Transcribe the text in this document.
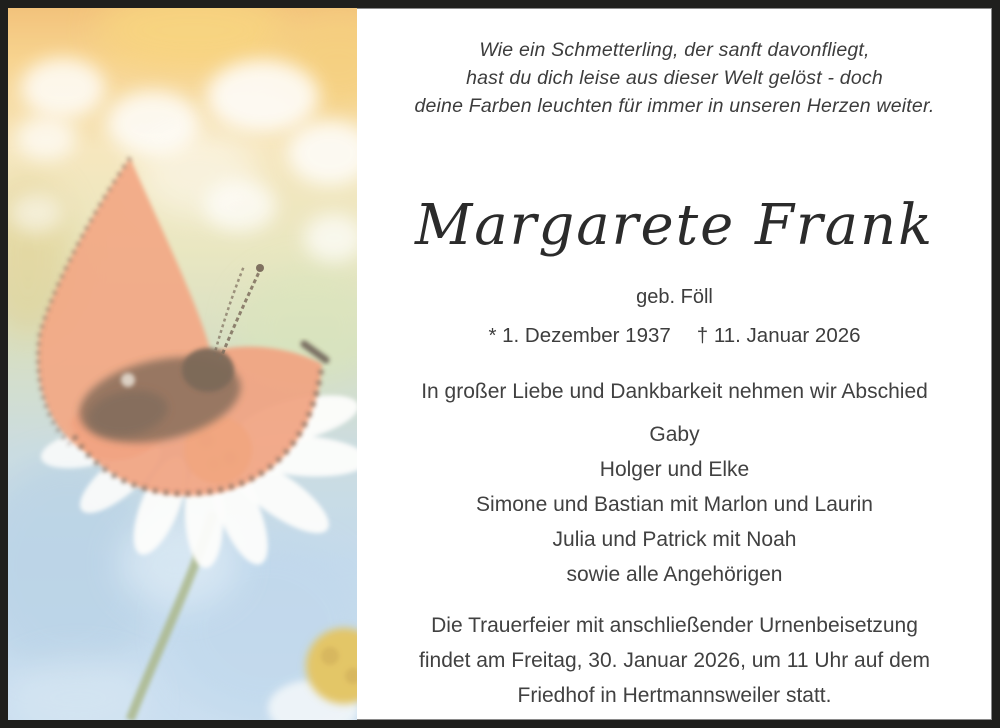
Wie ein Schmetterling, der sanft davonfliegt,
hast du dich leise aus dieser Welt gelöst - doch
deine Farben leuchten für immer in unseren Herzen weiter.
Margarete Frank
geb. Föll
* 1. Dezember 1937 † 11. Januar 2026
In großer Liebe und Dankbarkeit nehmen wir Abschied
Gaby
Holger und Elke
Simone und Bastian mit Marlon und Laurin
Julia und Patrick mit Noah
sowie alle Angehörigen
Die Trauerfeier mit anschließender Urnenbeisetzung
findet am Freitag, 30. Januar 2026, um 11 Uhr auf dem
Friedhof in Hertmannsweiler statt.
